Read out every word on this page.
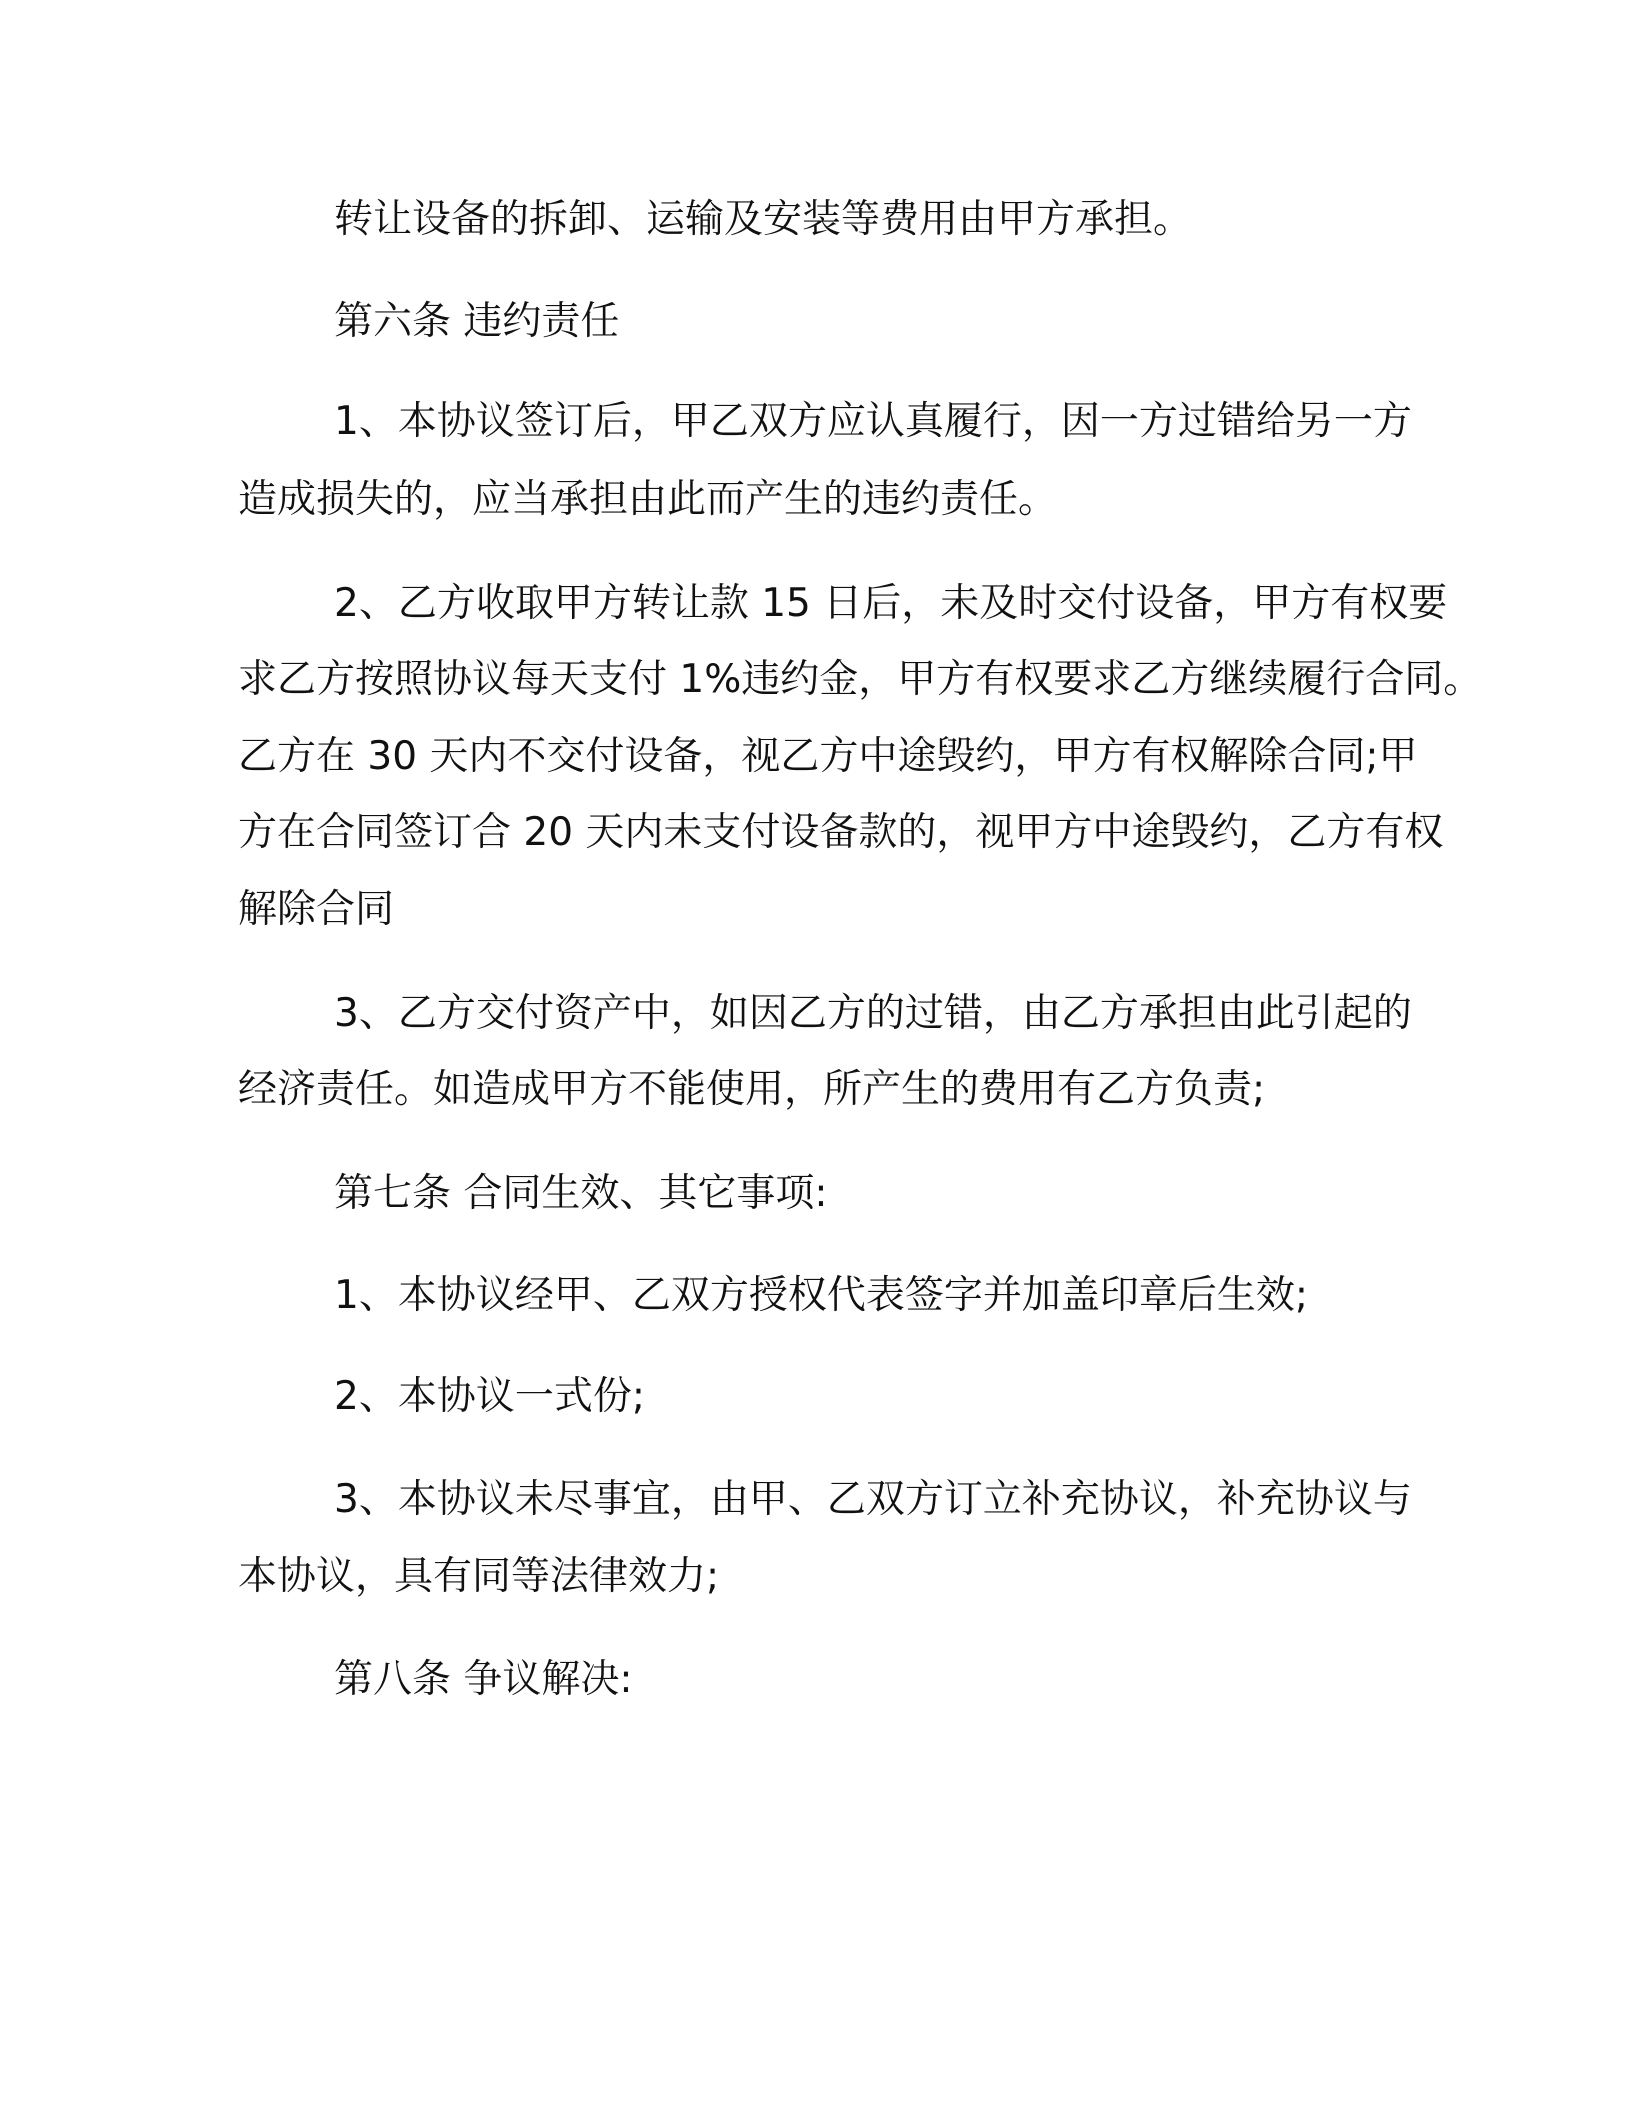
转让设备的拆卸、运输及安装等费用由甲方承担。

第六条 违约责任

1、本协议签订后，甲乙双方应认真履行，因一方过错给另一方

造成损失的，应当承担由此而产生的违约责任。

2、乙方收取甲方转让款 15 日后，未及时交付设备，甲方有权要

求乙方按照协议每天支付 1%违约金，甲方有权要求乙方继续履行合同。

乙方在 30 天内不交付设备，视乙方中途毁约，甲方有权解除合同;甲

方在合同签订合 20 天内未支付设备款的，视甲方中途毁约，乙方有权

解除合同

3、乙方交付资产中，如因乙方的过错，由乙方承担由此引起的

经济责任。如造成甲方不能使用，所产生的费用有乙方负责;

第七条 合同生效、其它事项:

1、本协议经甲、乙双方授权代表签字并加盖印章后生效;

2、本协议一式份;

3、本协议未尽事宜，由甲、乙双方订立补充协议，补充协议与

本协议，具有同等法律效力;

第八条 争议解决:
